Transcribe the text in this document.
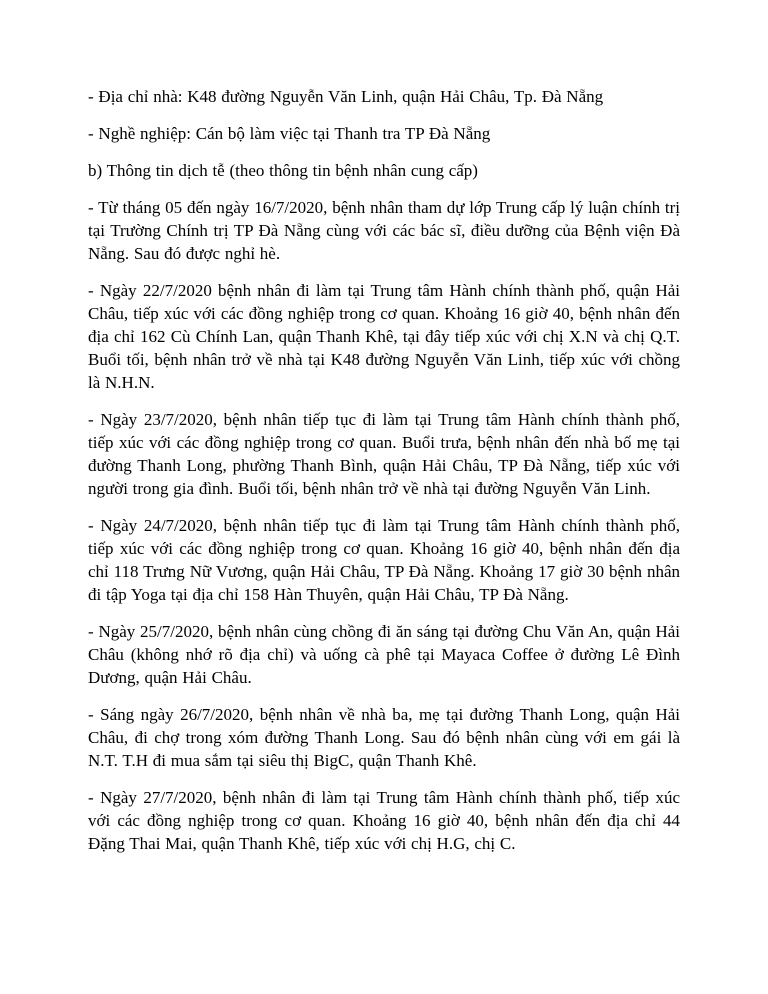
- Địa chỉ nhà: K48 đường Nguyễn Văn Linh, quận Hải Châu, Tp. Đà Nẵng

- Nghề nghiệp: Cán bộ làm việc tại Thanh tra TP Đà Nẵng

b) Thông tin dịch tễ (theo thông tin bệnh nhân cung cấp)

- Từ tháng 05 đến ngày 16/7/2020, bệnh nhân tham dự lớp Trung cấp lý luận chính trị tại Trường Chính trị TP Đà Nẵng cùng với các bác sĩ, điều dưỡng của Bệnh viện Đà Nẵng. Sau đó được nghỉ hè.

- Ngày 22/7/2020 bệnh nhân đi làm tại Trung tâm Hành chính thành phố, quận Hải Châu, tiếp xúc với các đồng nghiệp trong cơ quan. Khoảng 16 giờ 40, bệnh nhân đến địa chỉ 162 Cù Chính Lan, quận Thanh Khê, tại đây tiếp xúc với chị X.N và chị Q.T. Buổi tối, bệnh nhân trở về nhà tại K48 đường Nguyễn Văn Linh, tiếp xúc với chồng là N.H.N.

- Ngày 23/7/2020, bệnh nhân tiếp tục đi làm tại Trung tâm Hành chính thành phố, tiếp xúc với các đồng nghiệp trong cơ quan. Buổi trưa, bệnh nhân đến nhà bố mẹ tại đường Thanh Long, phường Thanh Bình, quận Hải Châu, TP Đà Nẵng, tiếp xúc với người trong gia đình. Buổi tối, bệnh nhân trở về nhà tại đường Nguyễn Văn Linh.

- Ngày 24/7/2020, bệnh nhân tiếp tục đi làm tại Trung tâm Hành chính thành phố, tiếp xúc với các đồng nghiệp trong cơ quan. Khoảng 16 giờ 40, bệnh nhân đến địa chỉ 118 Trưng Nữ Vương, quận Hải Châu, TP Đà Nẵng. Khoảng 17 giờ 30 bệnh nhân đi tập Yoga tại địa chỉ 158 Hàn Thuyên, quận Hải Châu, TP Đà Nẵng.

- Ngày 25/7/2020, bệnh nhân cùng chồng đi ăn sáng tại đường Chu Văn An, quận Hải Châu (không nhớ rõ địa chỉ) và uống cà phê tại Mayaca Coffee ở đường Lê Đình Dương, quận Hải Châu.

- Sáng ngày 26/7/2020, bệnh nhân về nhà ba, mẹ tại đường Thanh Long, quận Hải Châu, đi chợ trong xóm đường Thanh Long. Sau đó bệnh nhân cùng với em gái là N.T. T.H đi mua sắm tại siêu thị BigC, quận Thanh Khê.

- Ngày 27/7/2020, bệnh nhân đi làm tại Trung tâm Hành chính thành phố, tiếp xúc với các đồng nghiệp trong cơ quan. Khoảng 16 giờ 40, bệnh nhân đến địa chỉ 44 Đặng Thai Mai, quận Thanh Khê, tiếp xúc với chị H.G, chị C.
